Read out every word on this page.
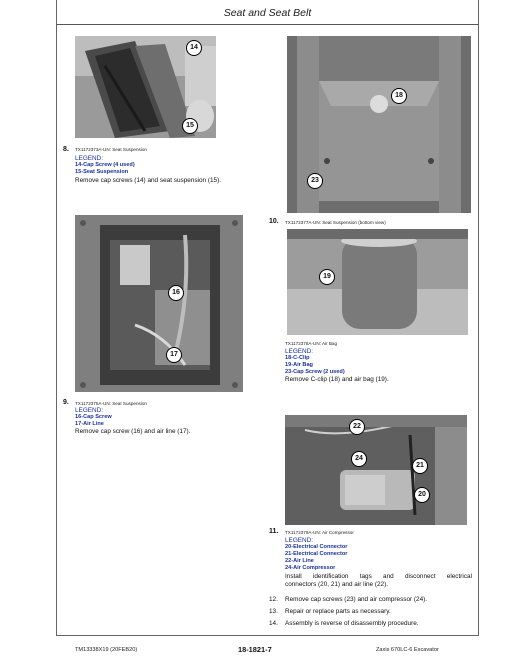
Seat and Seat Belt
14
15
8. TX1172373A-UN: Seat Suspension
LEGEND:
14-Cap Screw (4 used)
15-Seat Suspension
Remove cap screws (14) and seat suspension (15).
16
17
9. TX1172375A-UN: Seat Suspension
LEGEND:
16-Cap Screw
17-Air Line
Remove cap screw (16) and air line (17).
18
23
10. TX1172377A-UN: Seat Suspension (bottom view)
19
TX1172378A-UN: Air Bag
LEGEND:
18-C-Clip
19-Air Bag
23-Cap Screw (2 used)
Remove C-clip (18) and air bag (19).
22
24
21
20
11. TX1172379A-UN: Air Compressor
LEGEND:
20-Electrical Connector
21-Electrical Connector
22-Air Line
24-Air Compressor
Install identification tags and disconnect electrical
connectors (20, 21) and air line (22).
12. Remove cap screws (23) and air compressor (24).
13. Repair or replace parts as necessary.
14. Assembly is reverse of disassembly procedure.
TM13338X19 (20FEB20)	18-1821-7	Zaxis 670LC-6 Excavator
